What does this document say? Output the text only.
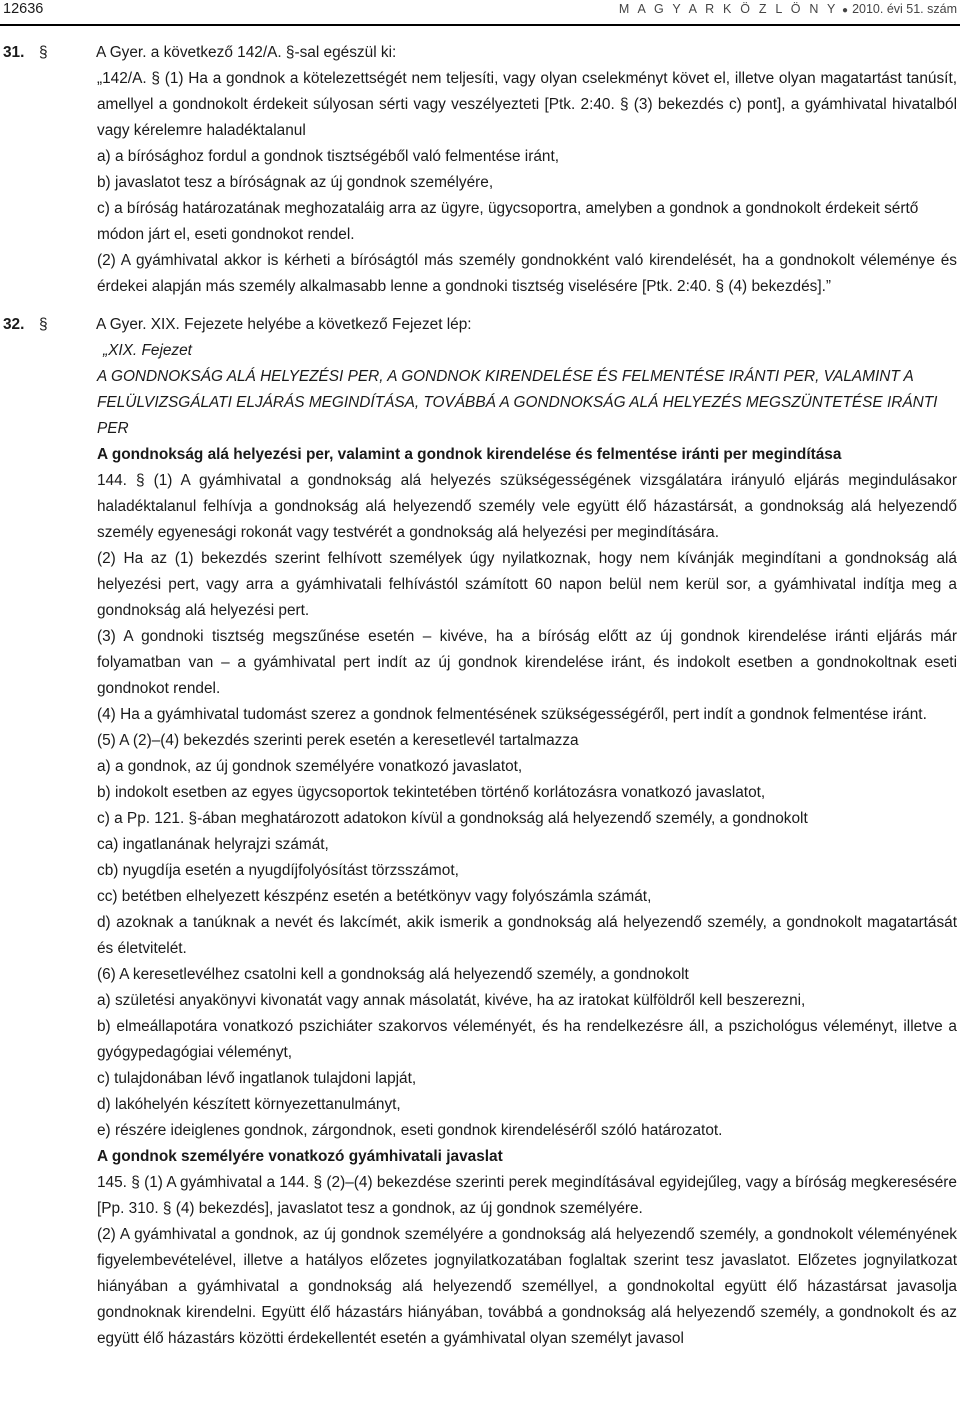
12636	M A G Y A R K Ö Z L Ö N Y ● 2010. évi 51. szám
31. §	A Gyer. a következő 142/A. §-sal egészül ki:

„142/A. § (1) Ha a gondnok a kötelezettségét nem teljesíti, vagy olyan cselekményt követ el, illetve olyan magatartást tanúsít, amellyel a gondnokolt érdekeit súlyosan sérti vagy veszélyezteti [Ptk. 2:40. § (3) bekezdés c) pont], a gyámhivatal hivatalból vagy kérelemre haladéktalanul

a) a bírósághoz fordul a gondnok tisztségéből való felmentése iránt,

b) javaslatot tesz a bíróságnak az új gondnok személyére,

c) a bíróság határozatának meghozataláig arra az ügyre, ügycsoportra, amelyben a gondnok a gondnokolt érdekeit sértő módon járt el, eseti gondnokot rendel.

(2) A gyámhivatal akkor is kérheti a bíróságtól más személy gondnokként való kirendelését, ha a gondnokolt véleménye és érdekei alapján más személy alkalmasabb lenne a gondnoki tisztség viselésére [Ptk. 2:40. § (4) bekezdés].”

32. §	A Gyer. XIX. Fejezete helyébe a következő Fejezet lép:
„XIX. Fejezet
A GONDNOKSÁG ALÁ HELYEZÉSI PER, A GONDNOK KIRENDELÉSE ÉS FELMENTÉSE IRÁNTI PER, VALAMINT A FELÜLVIZSGÁLATI ELJÁRÁS MEGINDÍTÁSA, TOVÁBBÁ A GONDNOKSÁG ALÁ HELYEZÉS MEGSZÜNTETÉSE IRÁNTI PER

A gondnokság alá helyezési per, valamint a gondnok kirendelése és felmentése iránti per megindítása

144. § (1) A gyámhivatal a gondnokság alá helyezés szükségességének vizsgálatára irányuló eljárás megindulásakor haladéktalanul felhívja a gondnokság alá helyezendő személy vele együtt élő házastársát, a gondnokság alá helyezendő személy egyenesági rokonát vagy testvérét a gondnokság alá helyezési per megindítására.

(2) Ha az (1) bekezdés szerint felhívott személyek úgy nyilatkoznak, hogy nem kívánják megindítani a gondnokság alá helyezési pert, vagy arra a gyámhivatali felhívástól számított 60 napon belül nem kerül sor, a gyámhivatal indítja meg a gondnokság alá helyezési pert.

(3) A gondnoki tisztség megszűnése esetén – kivéve, ha a bíróság előtt az új gondnok kirendelése iránti eljárás már folyamatban van – a gyámhivatal pert indít az új gondnok kirendelése iránt, és indokolt esetben a gondnokoltnak eseti gondnokot rendel.

(4) Ha a gyámhivatal tudomást szerez a gondnok felmentésének szükségességéről, pert indít a gondnok felmentése iránt.

(5) A (2)–(4) bekezdés szerinti perek esetén a keresetlevél tartalmazza

a) a gondnok, az új gondnok személyére vonatkozó javaslatot,

b) indokolt esetben az egyes ügycsoportok tekintetében történő korlátozásra vonatkozó javaslatot,

c) a Pp. 121. §-ában meghatározott adatokon kívül a gondnokság alá helyezendő személy, a gondnokolt

ca) ingatlanának helyrajzi számát,

cb) nyugdíja esetén a nyugdíjfolyósítást törzsszámot,

cc) betétben elhelyezett készpénz esetén a betétkönyv vagy folyószámla számát,

d) azoknak a tanúknak a nevét és lakcímét, akik ismerik a gondnokság alá helyezendő személy, a gondnokolt magatartását és életvitelét.

(6) A keresetlevélhez csatolni kell a gondnokság alá helyezendő személy, a gondnokolt

a) születési anyakönyvi kivonatát vagy annak másolatát, kivéve, ha az iratokat külföldről kell beszerezni,

b) elmeállapotára vonatkozó pszichiáter szakorvos véleményét, és ha rendelkezésre áll, a pszichológus véleményt, illetve a gyógypedagógiai véleményt,

c) tulajdonában lévő ingatlanok tulajdoni lapját,

d) lakóhelyén készített környezettanulmányt,

e) részére ideiglenes gondnok, zárgondnok, eseti gondnok kirendeléséről szóló határozatot.

A gondnok személyére vonatkozó gyámhivatali javaslat

145. § (1) A gyámhivatal a 144. § (2)–(4) bekezdése szerinti perek megindításával egyidejűleg, vagy a bíróság megkeresésére [Pp. 310. § (4) bekezdés], javaslatot tesz a gondnok, az új gondnok személyére.

(2) A gyámhivatal a gondnok, az új gondnok személyére a gondnokság alá helyezendő személy, a gondnokolt véleményének figyelembevételével, illetve a hatályos előzetes jognyilatkozatában foglaltak szerint tesz javaslatot. Előzetes jognyilatkozat hiányában a gyámhivatal a gondnokság alá helyezendő személlyel, a gondnokoltal együtt élő házastársat javasolja gondnoknak kirendelni. Együtt élő házastárs hiányában, továbbá a gondnokság alá helyezendő személy, a gondnokolt és az együtt élő házastárs közötti érdekellentét esetén a gyámhivatal olyan személyt javasol
